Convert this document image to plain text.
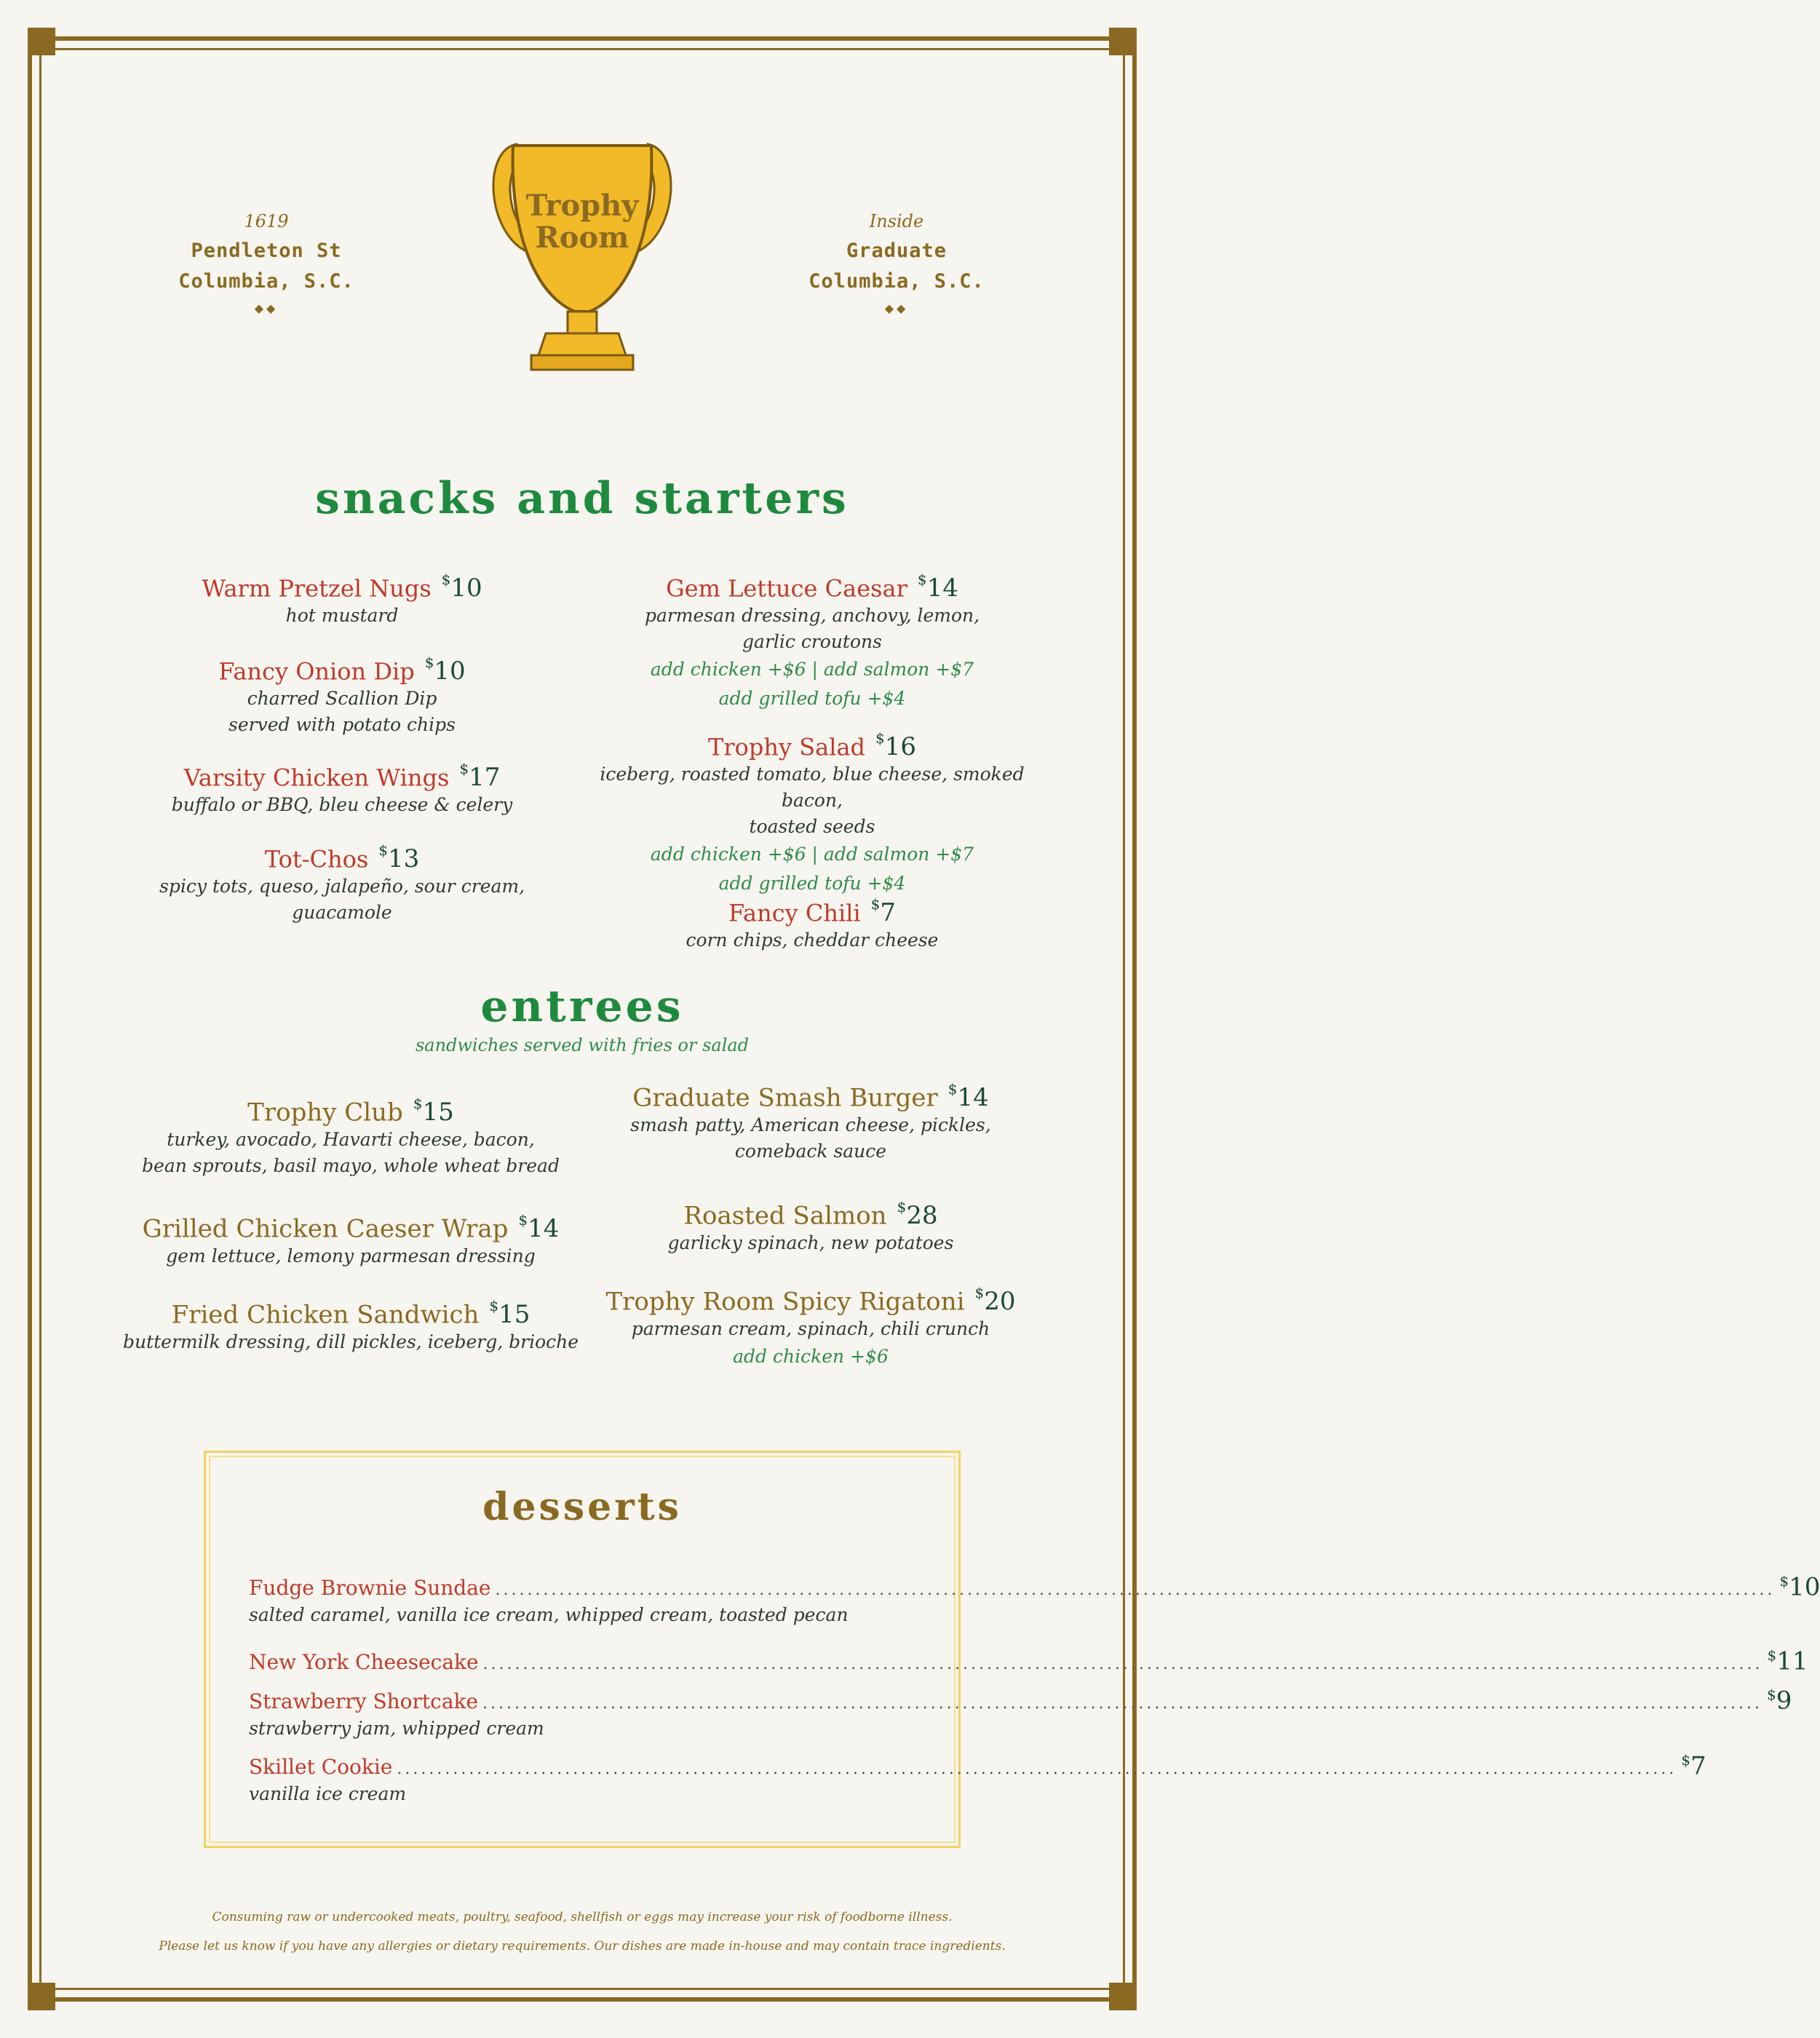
1619
Pendleton St
Columbia, S.C.
◆◆
Inside
Graduate
Columbia, S.C.
◆◆
Trophy
Room
snacks and starters
Warm Pretzel Nugs $10
hot mustard
Fancy Onion Dip $10
charred Scallion Dip
served with potato chips
Varsity Chicken Wings $17
buffalo or BBQ, bleu cheese & celery
Tot-Chos $13
spicy tots, queso, jalapeño, sour cream, guacamole
Gem Lettuce Caesar $14
parmesan dressing, anchovy, lemon,
garlic croutons
add chicken +$6 | add salmon +$7
add grilled tofu +$4
Trophy Salad $16
iceberg, roasted tomato, blue cheese, smoked bacon,
toasted seeds
add chicken +$6 | add salmon +$7
add grilled tofu +$4
Fancy Chili $7
corn chips, cheddar cheese
entrees
sandwiches served with fries or salad
Trophy Club $15
turkey, avocado, Havarti cheese, bacon,
bean sprouts, basil mayo, whole wheat bread
Grilled Chicken Caeser Wrap $14
gem lettuce, lemony parmesan dressing
Fried Chicken Sandwich $15
buttermilk dressing, dill pickles, iceberg, brioche
Graduate Smash Burger $14
smash patty, American cheese, pickles,
comeback sauce
Roasted Salmon $28
garlicky spinach, new potatoes
Trophy Room Spicy Rigatoni $20
parmesan cream, spinach, chili crunch
add chicken +$6
desserts
Fudge Brownie Sundae ................................................................................................................................................................
$10
salted caramel, vanilla ice cream, whipped cream, toasted pecan
New York Cheesecake ................................................................................................................................................................
$11
Strawberry Shortcake ................................................................................................................................................................
$9
strawberry jam, whipped cream
Skillet Cookie ................................................................................................................................................................
$7
vanilla ice cream
Consuming raw or undercooked meats, poultry, seafood, shellfish or eggs may increase your risk of foodborne illness.
Please let us know if you have any allergies or dietary requirements. Our dishes are made in-house and may contain trace ingredients.
